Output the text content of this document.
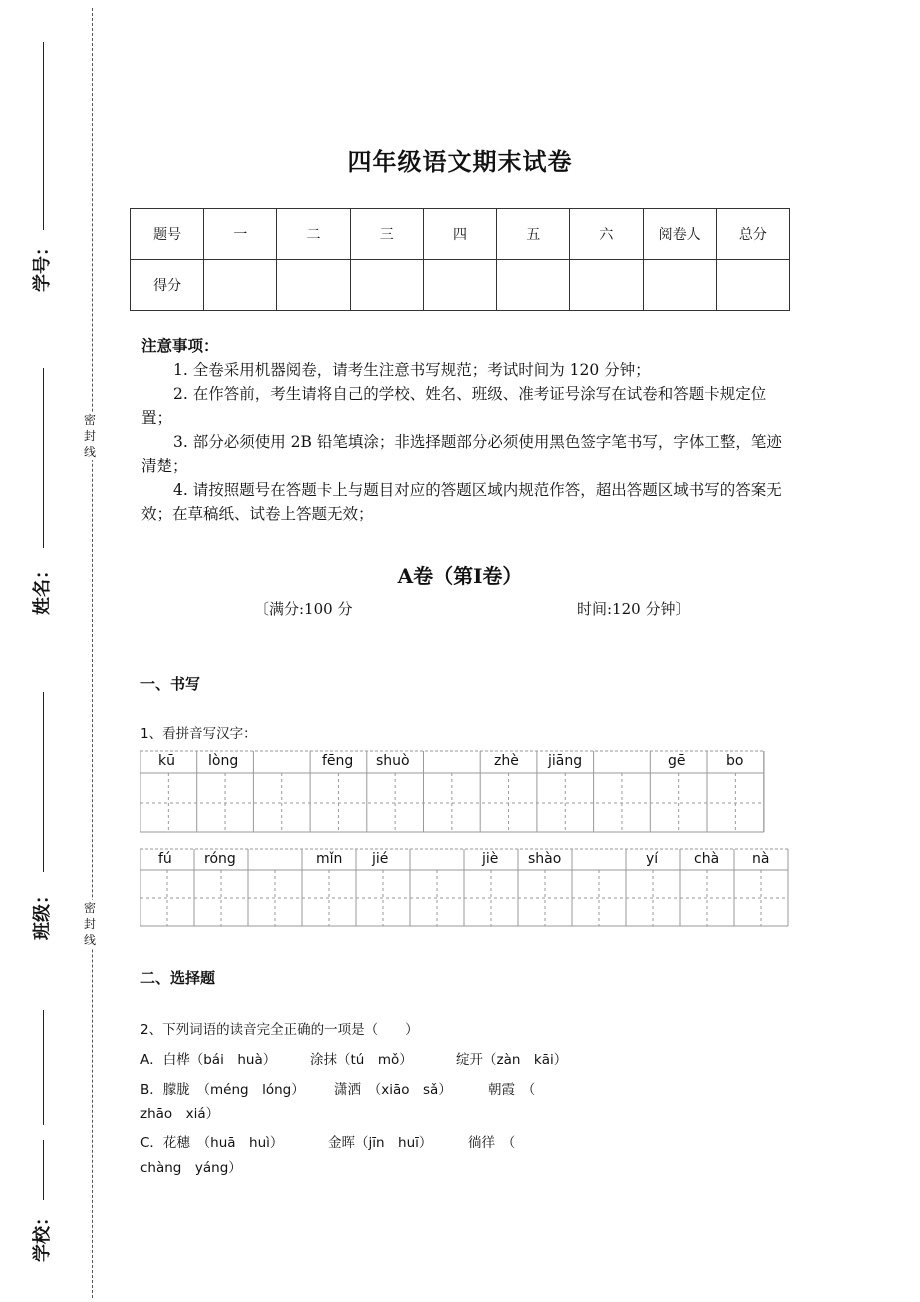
学号：
姓名：
班级：
学校：
密封线
密封线
四年级语文期末试卷
题号	一	二	三	四	五	六	阅卷人	总分
得分								

注意事项：

1. 全卷采用机器阅卷，请考生注意书写规范；考试时间为 120 分钟；

2. 在作答前，考生请将自己的学校、姓名、班级、准考证号涂写在试卷和答题卡规定位置；

3. 部分必须使用 2B 铅笔填涂；非选择题部分必须使用黑色签字笔书写，字体工整，笔迹清楚；

4. 请按照题号在答题卡上与题目对应的答题区域内规范作答，超出答题区域书写的答案无效；在草稿纸、试卷上答题无效；

A卷（第Ⅰ卷）
〔满分:100 分	时间:120 分钟〕
一、书写
1、看拼音写汉字：
kū lòng	fēng shuò	zhè jiāng	gē	bo
fú róng	mǐn jié	jiè shào	yí	chà nà
二、选择题
2、下列词语的读音完全正确的一项是（　　）
A．白桦（bái　huà）	涂抹（tú　mǒ）	绽开（zàn　kāi）
B．朦胧　（méng　lóng） 潇洒　（xiāo　sǎ）	朝霞　（
zhāo　xiá）
C．花穗　（huā　huì）	金晖（jīn　huī）	徜徉　（
chàng　yáng）
